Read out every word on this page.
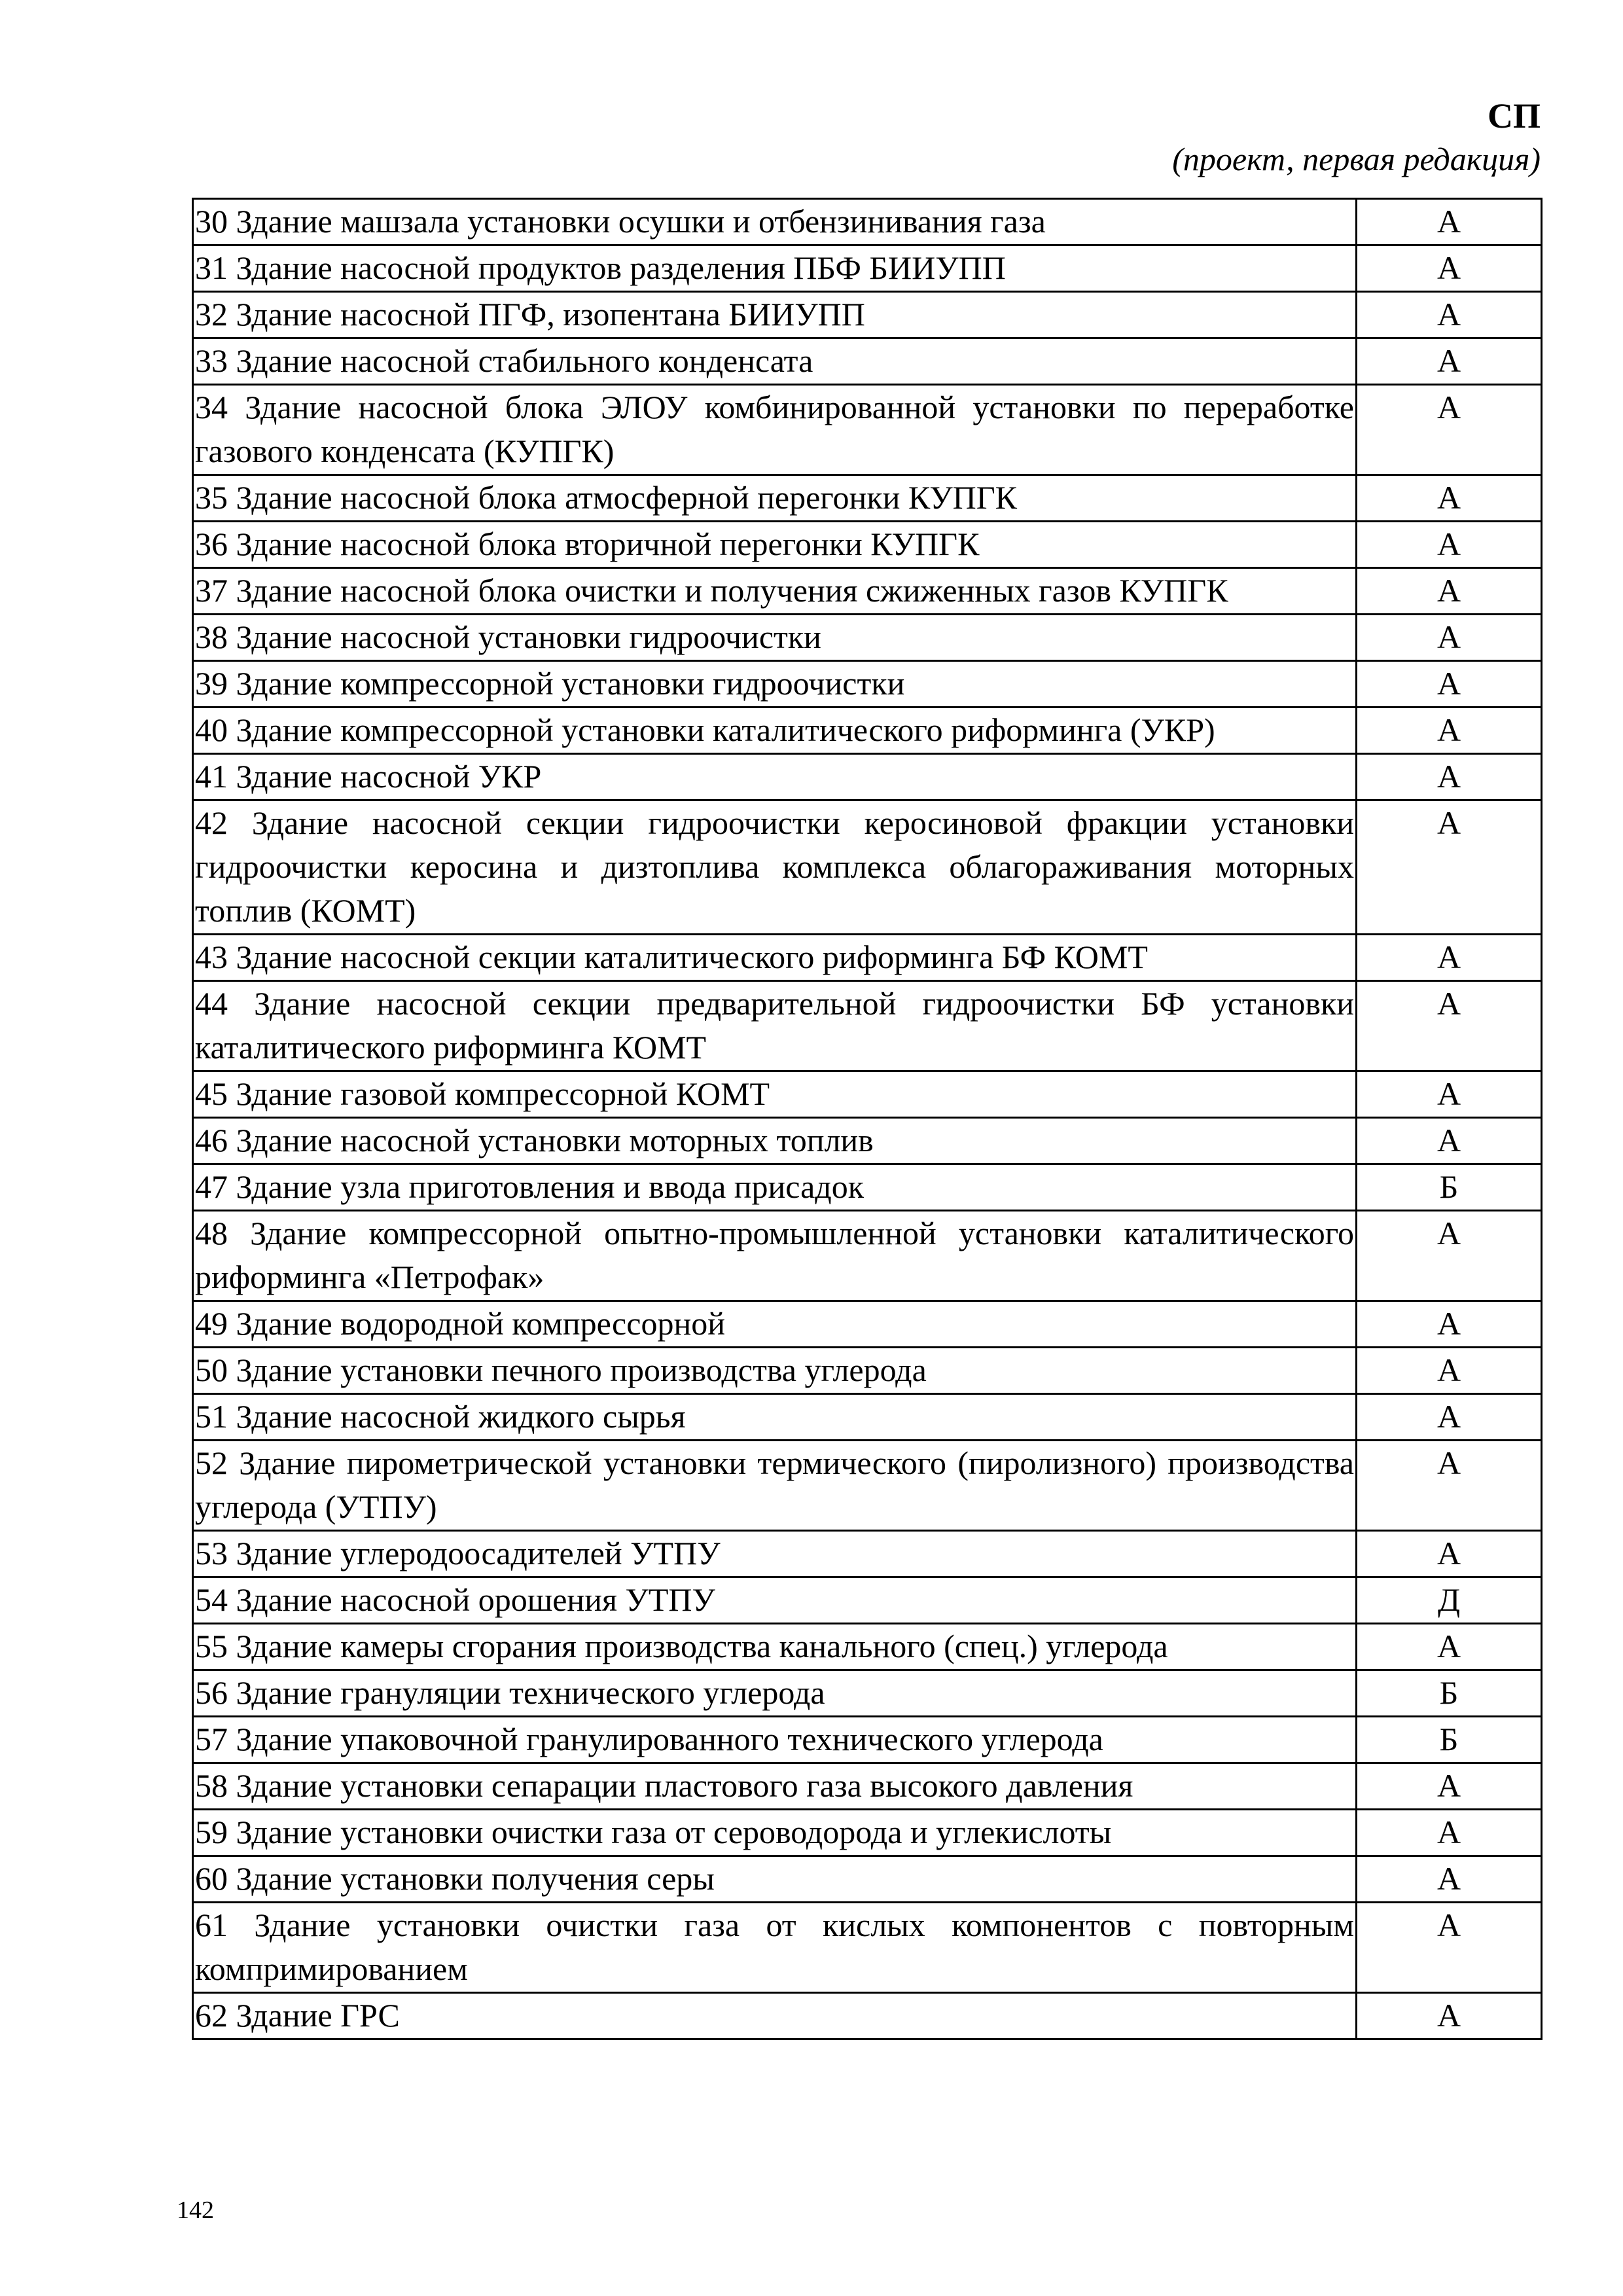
СП
(проект, первая редакция)
30 Здание машзала установки осушки и отбензинивания газа	А
31 Здание насосной продуктов разделения ПБФ БИИУПП	А
32 Здание насосной ПГФ, изопентана БИИУПП	А
33 Здание насосной стабильного конденсата	А
34 Здание насосной блока ЭЛОУ комбинированной установки по переработке газового конденсата (КУПГК)	А
35 Здание насосной блока атмосферной перегонки КУПГК	А
36 Здание насосной блока вторичной перегонки КУПГК	А
37 Здание насосной блока очистки и получения сжиженных газов КУПГК	А
38 Здание насосной установки гидроочистки	А
39 Здание компрессорной установки гидроочистки	А
40 Здание компрессорной установки каталитического риформинга (УКР)	А
41 Здание насосной УКР	А
42 Здание насосной секции гидроочистки керосиновой фракции установки гидроочистки керосина и дизтоплива комплекса облагораживания моторных топлив (КОМТ)	А
43 Здание насосной секции каталитического риформинга БФ КОМТ	А
44 Здание насосной секции предварительной гидроочистки БФ установки каталитического риформинга КОМТ	А
45 Здание газовой компрессорной КОМТ	А
46 Здание насосной установки моторных топлив	А
47 Здание узла приготовления и ввода присадок	Б
48 Здание компрессорной опытно-промышленной установки каталитического риформинга «Петрофак»	А
49 Здание водородной компрессорной	А
50 Здание установки печного производства углерода	А
51 Здание насосной жидкого сырья	А
52 Здание пирометрической установки термического (пиролизного) производства углерода (УТПУ)	А
53 Здание углеродоосадителей УТПУ	А
54 Здание насосной орошения УТПУ	Д
55 Здание камеры сгорания производства канального (спец.) углерода	А
56 Здание грануляции технического углерода	Б
57 Здание упаковочной гранулированного технического углерода	Б
58 Здание установки сепарации пластового газа высокого давления	А
59 Здание установки очистки газа от сероводорода и углекислоты	А
60 Здание установки получения серы	А
61 Здание установки очистки газа от кислых компонентов с повторным компримированием	А
62 Здание ГРС	А
142
